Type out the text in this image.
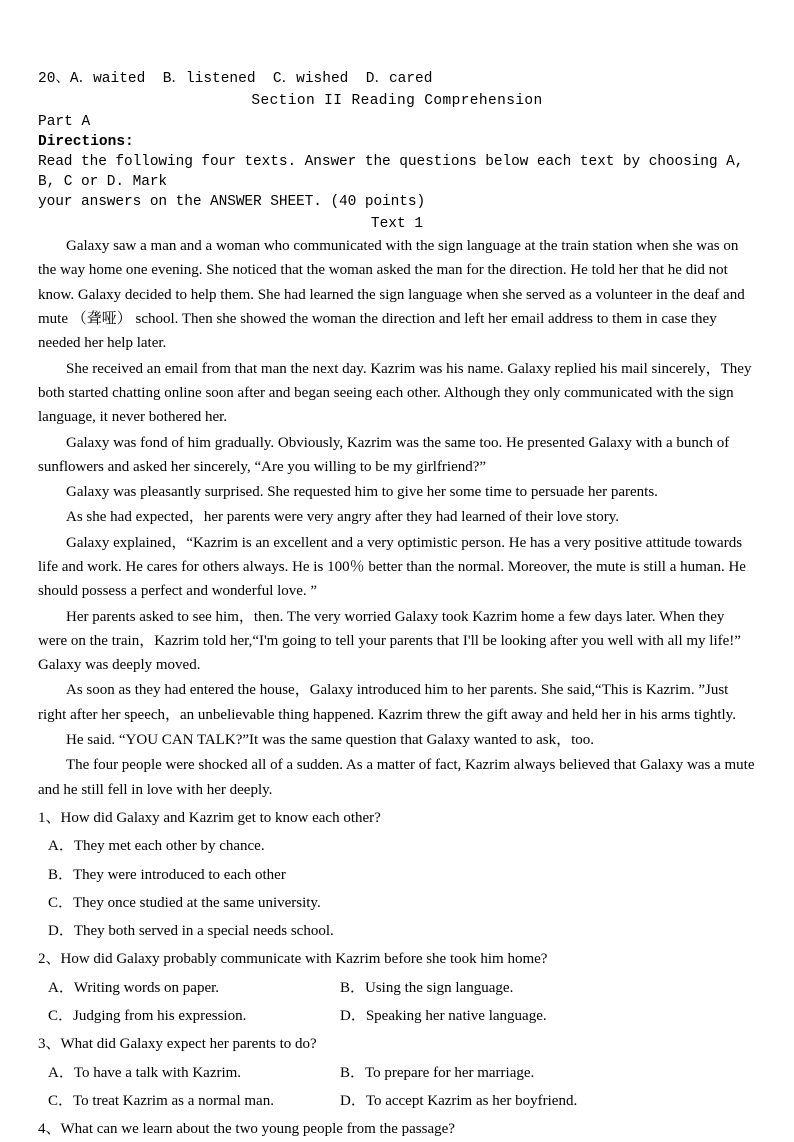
20、A．waited  B．listened  C．wished  D．cared
Section II Reading Comprehension
Part A
Directions:
Read the following four texts. Answer the questions below each text by choosing A, B, C or D. Mark
your answers on the ANSWER SHEET. (40 points)
Text 1

Galaxy saw a man and a woman who communicated with the sign language at the train station when she was on the way home one evening. She noticed that the woman asked the man for the direction. He told her that he did not know. Galaxy decided to help them. She had learned the sign language when she served as a volunteer in the deaf and mute （聋哑） school. Then she showed the woman the direction and left her email address to them in case they needed her help later.

She received an email from that man the next day. Kazrim was his name. Galaxy replied his mail sincerely，They both started chatting online soon after and began seeing each other. Although they only communicated with the sign language, it never bothered her.

Galaxy was fond of him gradually. Obviously, Kazrim was the same too. He presented Galaxy with a bunch of sunflowers and asked her sincerely, “Are you willing to be my girlfriend?”

Galaxy was pleasantly surprised. She requested him to give her some time to persuade her parents.

As she had expected，her parents were very angry after they had learned of their love story.

Galaxy explained，“Kazrim is an excellent and a very optimistic person. He has a very positive attitude towards life and work. He cares for others always. He is 100％ better than the normal. Moreover, the mute is still a human. He should possess a perfect and wonderful love. ”

Her parents asked to see him，then. The very worried Galaxy took Kazrim home a few days later. When they were on the train，Kazrim told her,“I'm going to tell your parents that I'll be looking after you well with all my life!” Galaxy was deeply moved.

As soon as they had entered the house，Galaxy introduced him to her parents. She said,“This is Kazrim. ”Just right after her speech，an unbelievable thing happened. Kazrim threw the gift away and held her in his arms tightly.

He said. “YOU CAN TALK?”It was the same question that Galaxy wanted to ask，too.

The four people were shocked all of a sudden. As a matter of fact, Kazrim always believed that Galaxy was a mute and he still fell in love with her deeply.

1、How did Galaxy and Kazrim get to know each other?
A．They met each other by chance.
B．They were introduced to each other
C．They once studied at the same university.
D．They both served in a special needs school.
2、How did Galaxy probably communicate with Kazrim before she took him home?
A．Writing words on paper.	B．Using the sign language.
C．Judging from his expression.	D．Speaking her native language.
3、What did Galaxy expect her parents to do?
A．To have a talk with Kazrim.	B．To prepare for her marriage.
C．To treat Kazrim as a normal man.	D．To accept Kazrim as her boyfriend.
4、What can we learn about the two young people from the passage?
